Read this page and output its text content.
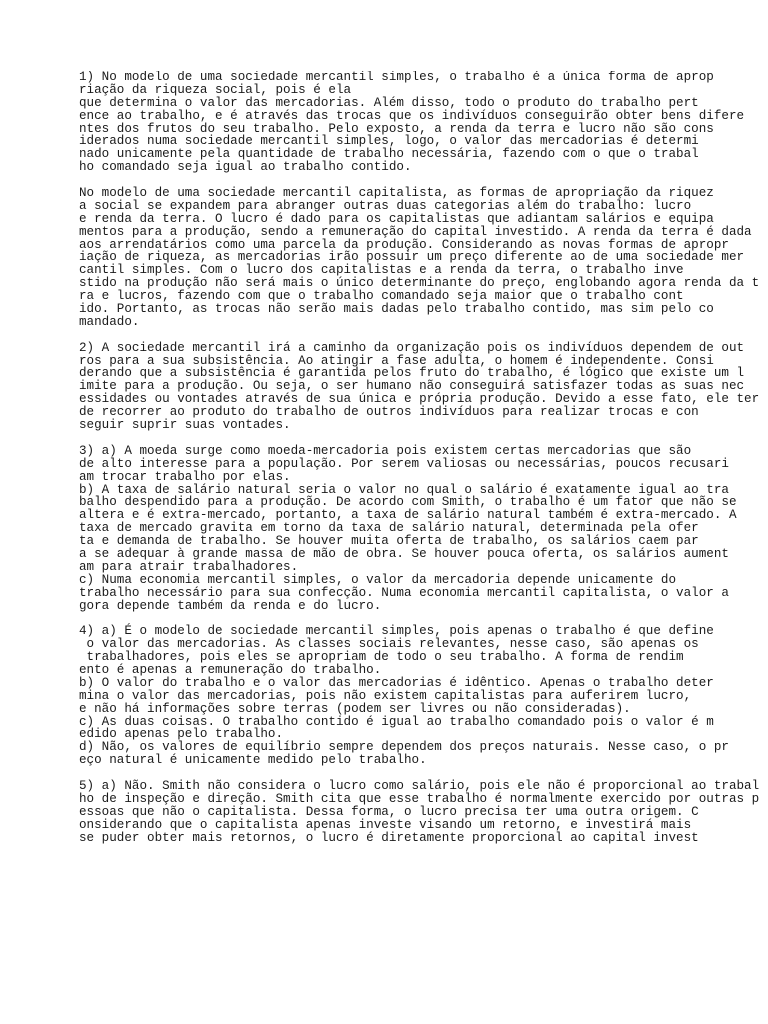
1) No modelo de uma sociedade mercantil simples, o trabalho é a única forma de aprop
riação da riqueza social, pois é ela
que determina o valor das mercadorias. Além disso, todo o produto do trabalho pert
ence ao trabalho, e é através das trocas que os indivíduos conseguirão obter bens difere
ntes dos frutos do seu trabalho. Pelo exposto, a renda da terra e lucro não são cons
iderados numa sociedade mercantil simples, logo, o valor das mercadorias é determi
nado unicamente pela quantidade de trabalho necessária, fazendo com o que o trabal
ho comandado seja igual ao trabalho contido.

No modelo de uma sociedade mercantil capitalista, as formas de apropriação da riquez
a social se expandem para abranger outras duas categorias além do trabalho: lucro
e renda da terra. O lucro é dado para os capitalistas que adiantam salários e equipa
mentos para a produção, sendo a remuneração do capital investido. A renda da terra é dada
aos arrendatários como uma parcela da produção. Considerando as novas formas de apropr
iação de riqueza, as mercadorias irão possuir um preço diferente ao de uma sociedade mer
cantil simples. Com o lucro dos capitalistas e a renda da terra, o trabalho inve
stido na produção não será mais o único determinante do preço, englobando agora renda da t
ra e lucros, fazendo com que o trabalho comandado seja maior que o trabalho cont
ido. Portanto, as trocas não serão mais dadas pelo trabalho contido, mas sim pelo co
mandado.

2) A sociedade mercantil irá a caminho da organização pois os indivíduos dependem de out
ros para a sua subsistência. Ao atingir a fase adulta, o homem é independente. Consi
derando que a subsistência é garantida pelos fruto do trabalho, é lógico que existe um l
imite para a produção. Ou seja, o ser humano não conseguirá satisfazer todas as suas nec
essidades ou vontades através de sua única e própria produção. Devido a esse fato, ele ter
de recorrer ao produto do trabalho de outros indivíduos para realizar trocas e con
seguir suprir suas vontades.

3) a) A moeda surge como moeda-mercadoria pois existem certas mercadorias que são
de alto interesse para a população. Por serem valiosas ou necessárias, poucos recusari
am trocar trabalho por elas.
b) A taxa de salário natural seria o valor no qual o salário é exatamente igual ao tra
balho despendido para a produção. De acordo com Smith, o trabalho é um fator que não se
altera e é extra-mercado, portanto, a taxa de salário natural também é extra-mercado. A
taxa de mercado gravita em torno da taxa de salário natural, determinada pela ofer
ta e demanda de trabalho. Se houver muita oferta de trabalho, os salários caem par
a se adequar à grande massa de mão de obra. Se houver pouca oferta, os salários aument
am para atrair trabalhadores.
c) Numa economia mercantil simples, o valor da mercadoria depende unicamente do
trabalho necessário para sua confecção. Numa economia mercantil capitalista, o valor a
gora depende também da renda e do lucro.

4) a) É o modelo de sociedade mercantil simples, pois apenas o trabalho é que define
o valor das mercadorias. As classes sociais relevantes, nesse caso, são apenas os
trabalhadores, pois eles se apropriam de todo o seu trabalho. A forma de rendim
ento é apenas a remuneração do trabalho.
b) O valor do trabalho e o valor das mercadorias é idêntico. Apenas o trabalho deter
mina o valor das mercadorias, pois não existem capitalistas para auferirem lucro,
e não há informações sobre terras (podem ser livres ou não consideradas).
c) As duas coisas. O trabalho contido é igual ao trabalho comandado pois o valor é m
edido apenas pelo trabalho.
d) Não, os valores de equilíbrio sempre dependem dos preços naturais. Nesse caso, o pr
eço natural é unicamente medido pelo trabalho.

5) a) Não. Smith não considera o lucro como salário, pois ele não é proporcional ao trabal
ho de inspeção e direção. Smith cita que esse trabalho é normalmente exercido por outras p
essoas que não o capitalista. Dessa forma, o lucro precisa ter uma outra origem. C
onsiderando que o capitalista apenas investe visando um retorno, e investirá mais
se puder obter mais retornos, o lucro é diretamente proporcional ao capital invest
